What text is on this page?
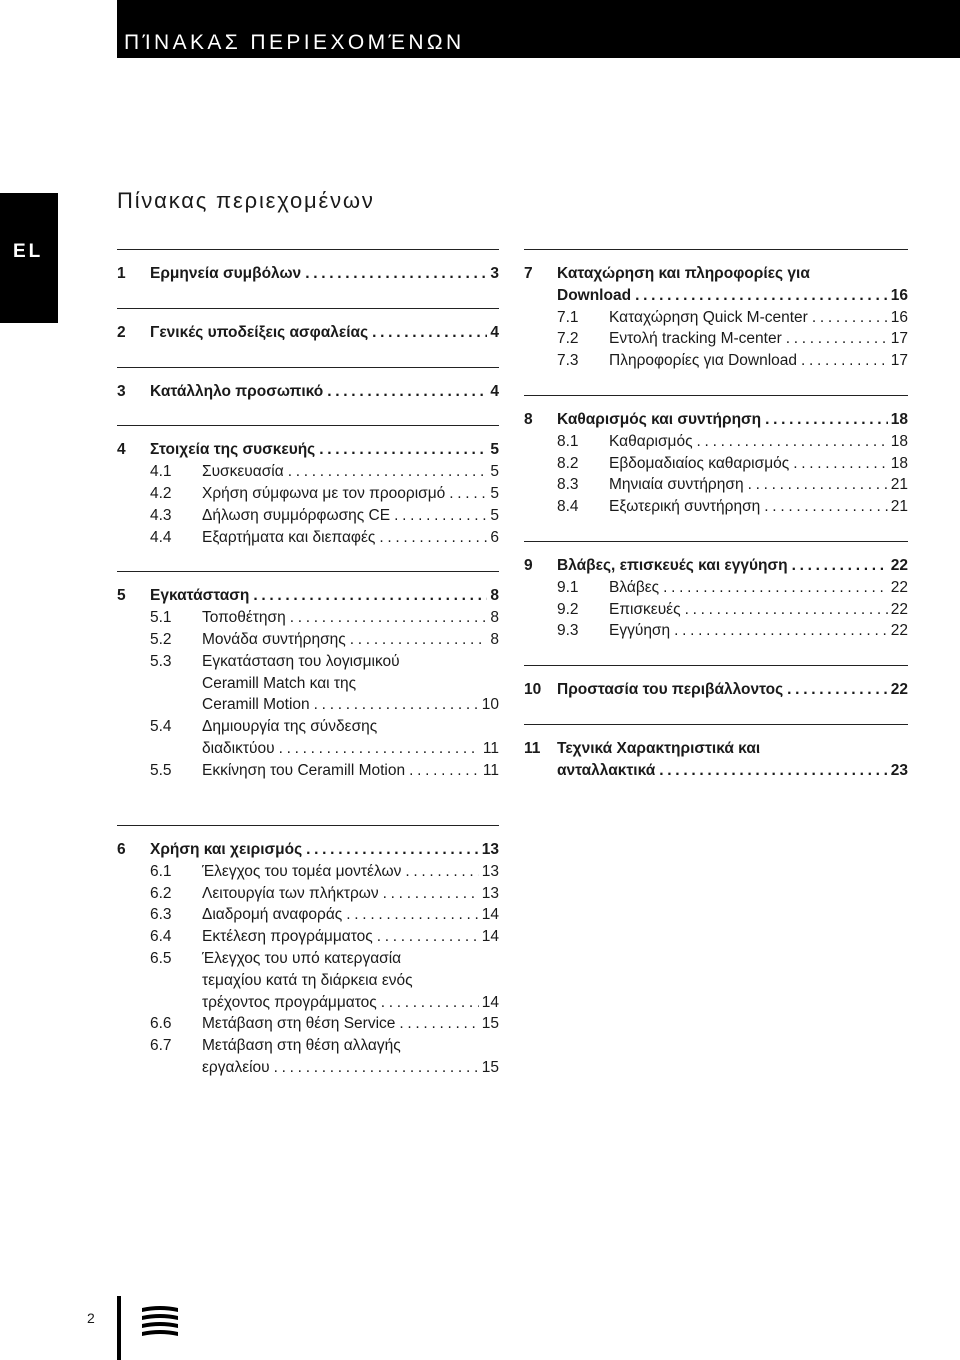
ΠΊΝΑΚΑΣ ΠΕΡΙΕΧΟΜΈΝΩΝ
EL
Πίνακας περιεχομένων
1	Ερμηνεία συμβόλων . . .	3
2	Γενικές υποδείξεις ασφαλείας . . .	4
3	Κατάλληλο προσωπικό . . .	4
4	Στοιχεία της συσκευής . . .	5
4.1	Συσκευασία . . .	5
4.2	Χρήση σύμφωνα με τον προορισμό . . .	5
4.3	Δήλωση συμμόρφωσης CE . . .	5
4.4	Εξαρτήματα και διεπαφές . . .	6
5	Εγκατάσταση . . .	8
5.1	Τοποθέτηση . . .	8
5.2	Μονάδα συντήρησης . . .	8
5.3	Εγκατάσταση του λογισμικού
Ceramill Match και της
Ceramill Motion . . .	10
5.4	Δημιουργία της σύνδεσης
διαδικτύου . . .	11
5.5	Εκκίνηση του Ceramill Motion . . .	11
6	Χρήση και χειρισμός . . .	13
6.1	Έλεγχος του τομέα μοντέλων . . .	13
6.2	Λειτουργία των πλήκτρων . . .	13
6.3	Διαδρομή αναφοράς . . .	14
6.4	Εκτέλεση προγράμματος . . .	14
6.5	Έλεγχος του υπό κατεργασία
τεμαχίου κατά τη διάρκεια ενός
τρέχοντος προγράμματος . . .	14
6.6	Μετάβαση στη θέση Service . . .	15
6.7	Μετάβαση στη θέση αλλαγής
εργαλείου . . .	15
7	Καταχώρηση και πληροφορίες για
Download . . .	16
7.1	Καταχώρηση Quick M-center . . .	16
7.2	Εντολή tracking M-center . . .	17
7.3	Πληροφορίες για Download . . .	17
8	Καθαρισμός και συντήρηση . . .	18
8.1	Καθαρισμός . . .	18
8.2	Εβδομαδιαίος καθαρισμός . . .	18
8.3	Μηνιαία συντήρηση . . .	21
8.4	Εξωτερική συντήρηση . . .	21
9	Βλάβες, επισκευές και εγγύηση . . .	22
9.1	Βλάβες . . .	22
9.2	Επισκευές . . .	22
9.3	Εγγύηση . . .	22
10	Προστασία του περιβάλλοντος . . .	22
11	Τεχνικά Χαρακτηριστικά και
ανταλλακτικά . . .	23
2
